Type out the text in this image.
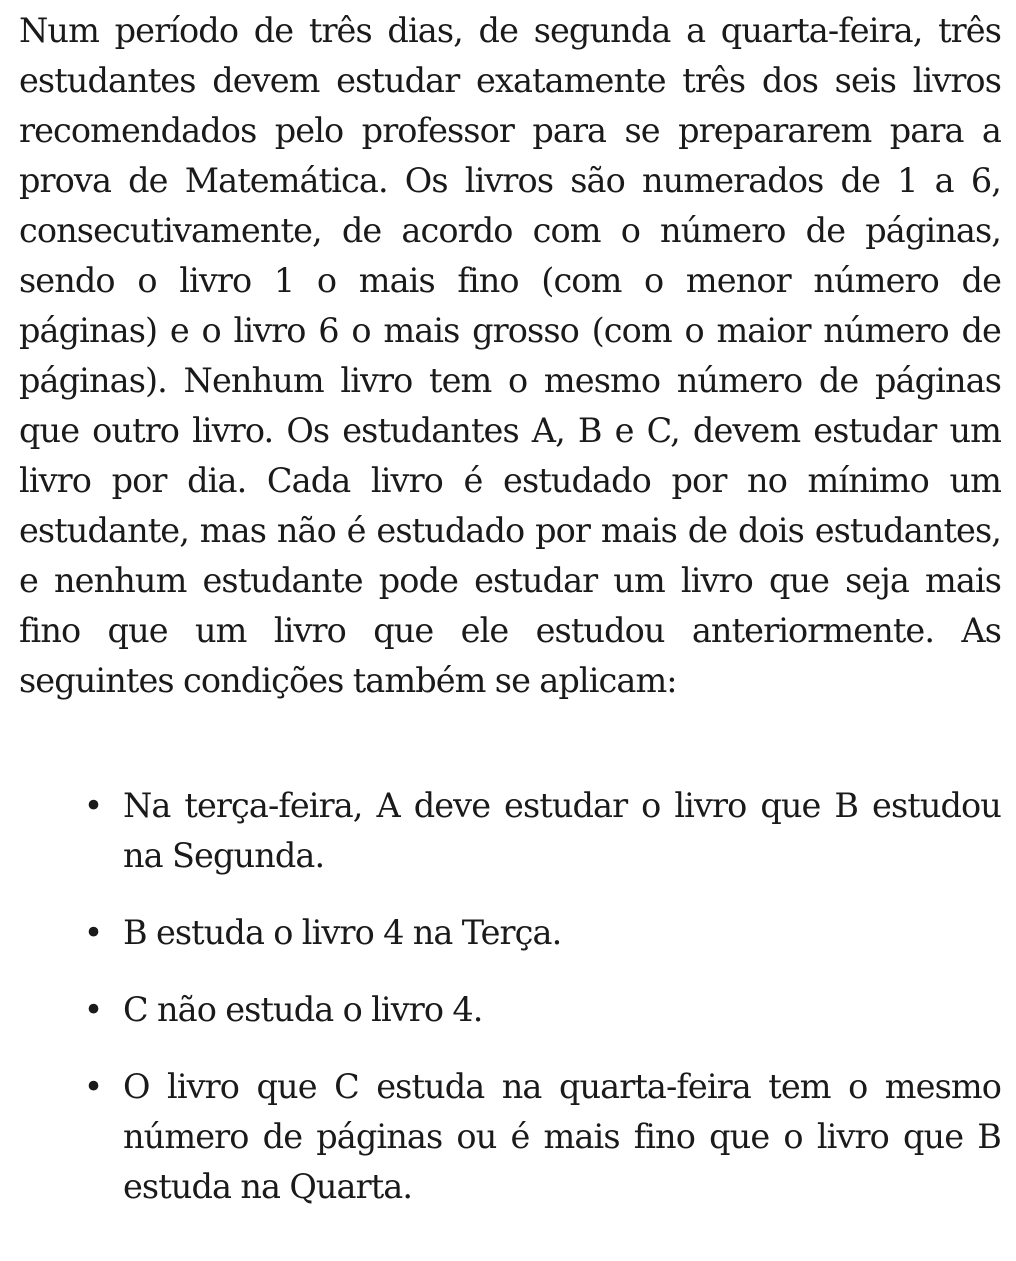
Num período de três dias, de segunda a quarta-feira, três estudantes devem estudar exatamente três dos seis livros recomendados pelo professor para se prepararem para a prova de Matemática. Os livros são numerados de 1 a 6, consecutivamente, de acordo com o número de páginas, sendo o livro 1 o mais fino (com o menor número de páginas) e o livro 6 o mais grosso (com o maior número de páginas). Nenhum livro tem o mesmo número de páginas que outro livro. Os estudantes A, B e C, devem estudar um livro por dia. Cada livro é estudado por no mínimo um estudante, mas não é estudado por mais de dois estudantes, e nenhum estudante pode estudar um livro que seja mais fino que um livro que ele estudou anteriormente. As seguintes condições também se aplicam:

• Na terça-feira, A deve estudar o livro que B estudou na Segunda.
• B estuda o livro 4 na Terça.
• C não estuda o livro 4.
• O livro que C estuda na quarta-feira tem o mesmo número de páginas ou é mais fino que o livro que B estuda na Quarta.
